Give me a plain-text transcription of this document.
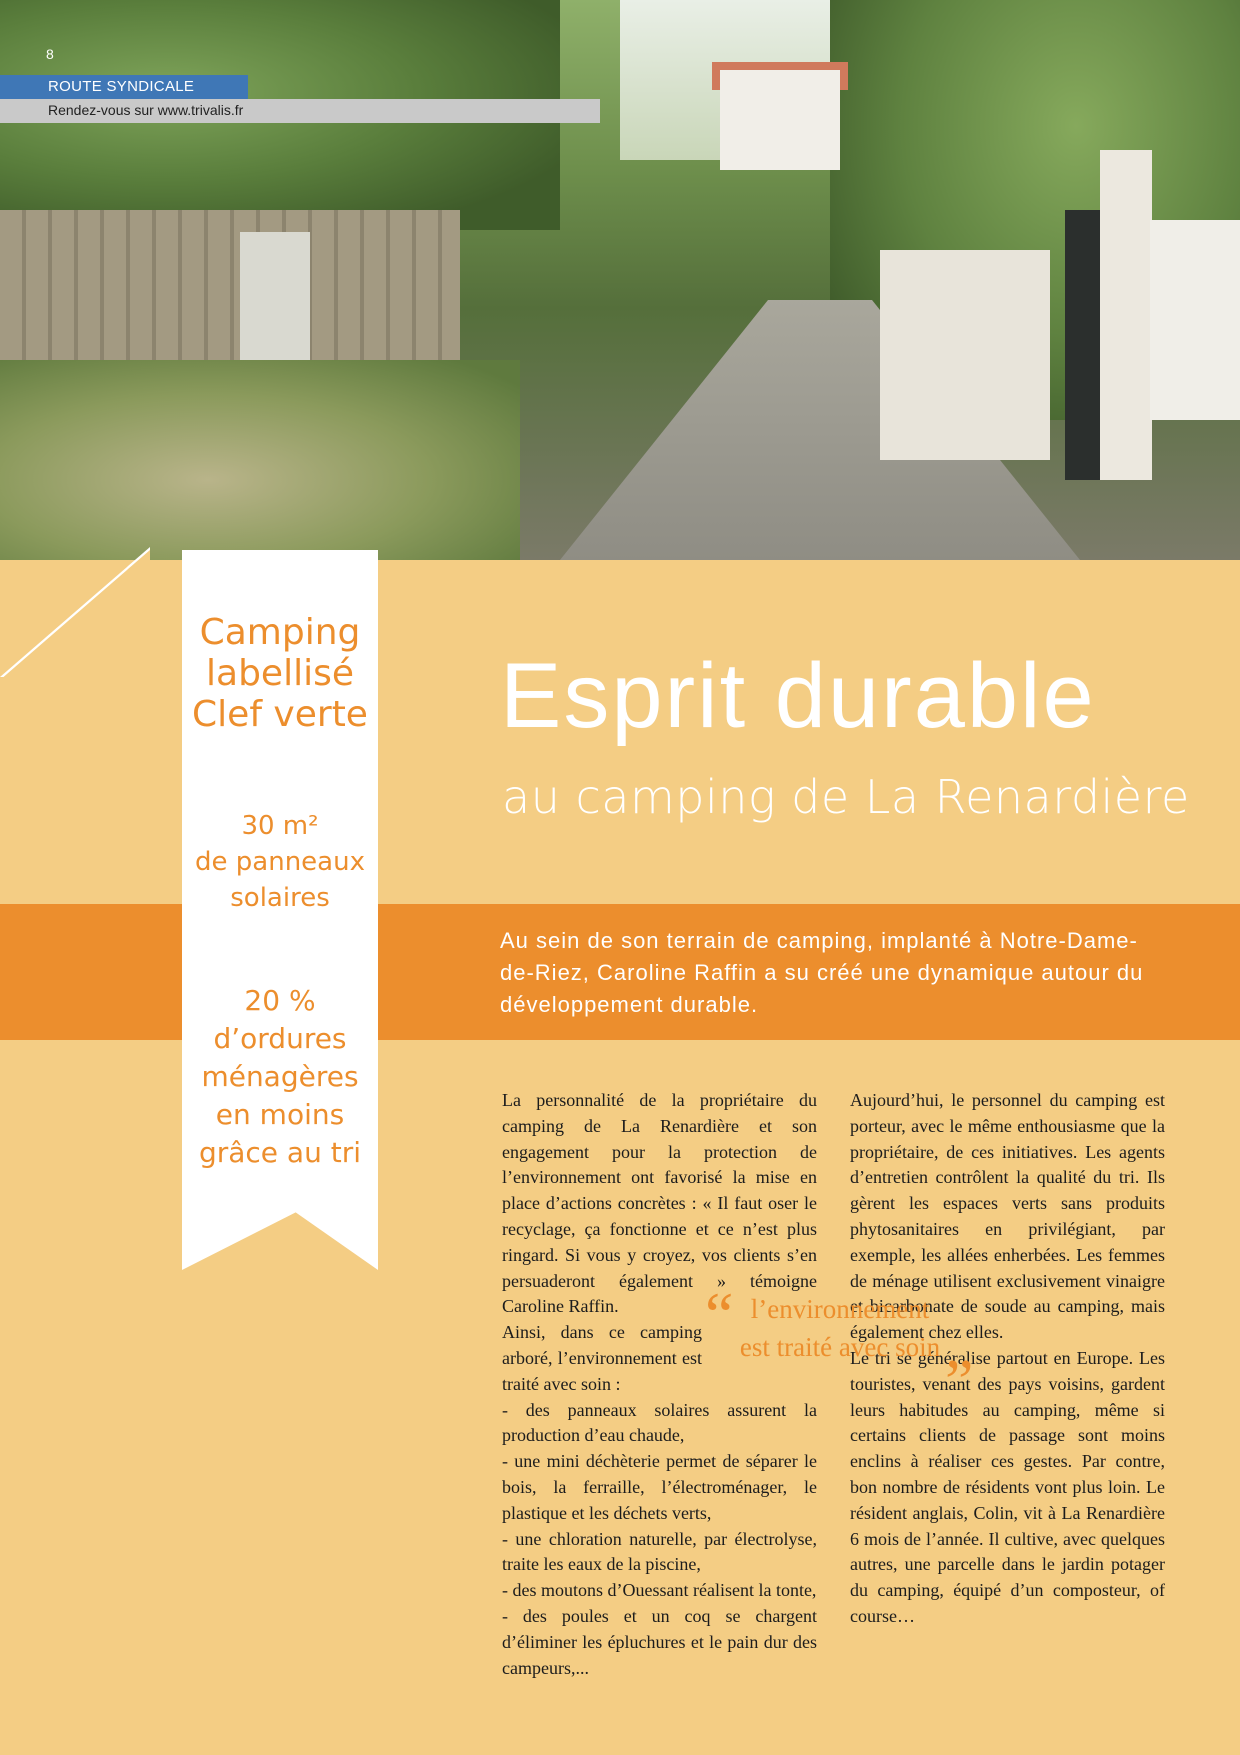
8
ROUTE SYNDICALE
Rendez-vous sur www.trivalis.fr
Camping
labellisé
Clef verte
30 m²
de panneaux
solaires
20 %
d’ordures
ménagères
en moins
grâce au tri
Esprit durable
au camping de La Renardière
Au sein de son terrain de camping, implanté à Notre-Dame-de-Riez, Caroline Raffin a su créé une dynamique autour du développement durable.

La personnalité de la propriétaire du camping de La Renardière et son engagement pour la protection de l’environnement ont favorisé la mise en place d’actions concrètes : « Il faut oser le recyclage, ça fonctionne et ce n’est plus ringard. Si vous y croyez, vos clients s’en persuaderont également » témoigne Caroline Raffin.

Ainsi, dans ce camping arboré, l’environnement est traité avec soin :

- des panneaux solaires assurent la production d’eau chaude,

- une mini déchèterie permet de séparer le bois, la ferraille, l’électroménager, le plastique et les déchets verts,

- une chloration naturelle, par électrolyse, traite les eaux de la piscine,

- des moutons d’Ouessant réalisent la tonte,

- des poules et un coq se chargent d’éliminer les épluchures et le pain dur des campeurs,...

Aujourd’hui, le personnel du camping est porteur, avec le même enthousiasme que la propriétaire, de ces initiatives. Les agents d’entretien contrôlent la qualité du tri. Ils gèrent les espaces verts sans produits phytosanitaires en privilégiant, par exemple, les allées enherbées. Les femmes de ménage utilisent exclusivement vinaigre et bicarbonate de soude au camping, mais également chez elles.

Le tri se généralise partout en Europe. Les touristes, venant des pays voisins, gardent leurs habitudes au camping, même si certains clients de passage sont moins enclins à réaliser ces gestes. Par contre, bon nombre de résidents vont plus loin. Le résident anglais, Colin, vit à La Renardière 6 mois de l’année. Il cultive, avec quelques autres, une parcelle dans le jardin potager du camping, équipé d’un composteur, of course…

“ l’environnement
est traité avec soin ”
